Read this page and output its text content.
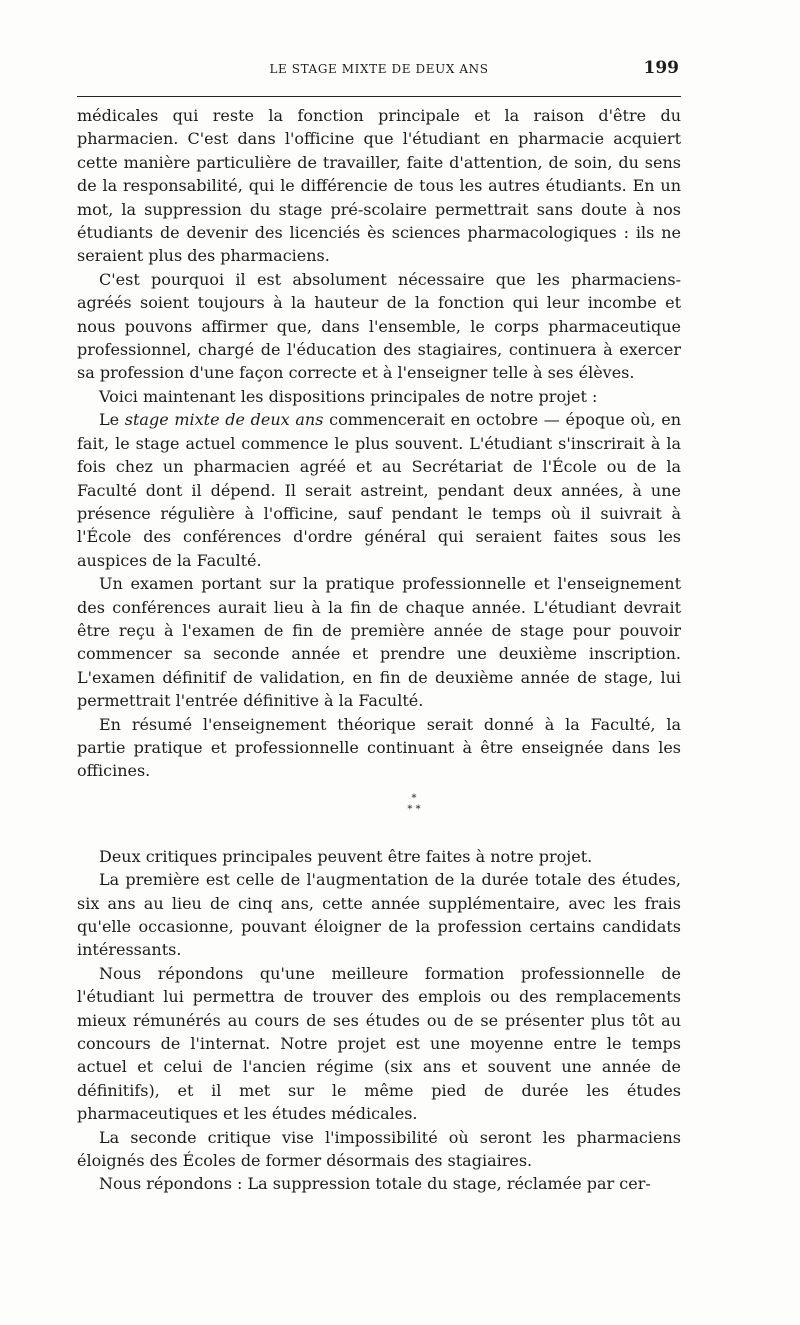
LE STAGE MIXTE DE DEUX ANS	199

médicales qui reste la fonction principale et la raison d'être du pharmacien. C'est dans l'officine que l'étudiant en pharmacie acquiert cette manière particulière de travailler, faite d'attention, de soin, du sens de la responsabilité, qui le différencie de tous les autres étudiants. En un mot, la suppression du stage pré-scolaire permettrait sans doute à nos étudiants de devenir des licenciés ès sciences pharmacologiques : ils ne seraient plus des pharmaciens.

C'est pourquoi il est absolument nécessaire que les pharmaciens-agréés soient toujours à la hauteur de la fonction qui leur incombe et nous pouvons affirmer que, dans l'ensemble, le corps pharmaceutique professionnel, chargé de l'éducation des stagiaires, continuera à exercer sa profession d'une façon correcte et à l'enseigner telle à ses élèves.

Voici maintenant les dispositions principales de notre projet :

Le stage mixte de deux ans commencerait en octobre — époque où, en fait, le stage actuel commence le plus souvent. L'étudiant s'inscrirait à la fois chez un pharmacien agréé et au Secrétariat de l'École ou de la Faculté dont il dépend. Il serait astreint, pendant deux années, à une présence régulière à l'officine, sauf pendant le temps où il suivrait à l'École des conférences d'ordre général qui seraient faites sous les auspices de la Faculté.

Un examen portant sur la pratique professionnelle et l'enseignement des conférences aurait lieu à la fin de chaque année. L'étudiant devrait être reçu à l'examen de fin de première année de stage pour pouvoir commencer sa seconde année et prendre une deuxième inscription. L'examen définitif de validation, en fin de deuxième année de stage, lui permettrait l'entrée définitive à la Faculté.

En résumé l'enseignement théorique serait donné à la Faculté, la partie pratique et professionnelle continuant à être enseignée dans les officines.

*
* *

Deux critiques principales peuvent être faites à notre projet.

La première est celle de l'augmentation de la durée totale des études, six ans au lieu de cinq ans, cette année supplémentaire, avec les frais qu'elle occasionne, pouvant éloigner de la profession certains candidats intéressants.

Nous répondons qu'une meilleure formation professionnelle de l'étudiant lui permettra de trouver des emplois ou des remplacements mieux rémunérés au cours de ses études ou de se présenter plus tôt au concours de l'internat. Notre projet est une moyenne entre le temps actuel et celui de l'ancien régime (six ans et souvent une année de définitifs), et il met sur le même pied de durée les études pharmaceutiques et les études médicales.

La seconde critique vise l'impossibilité où seront les pharmaciens éloignés des Écoles de former désormais des stagiaires.

Nous répondons : La suppression totale du stage, réclamée par cer-
